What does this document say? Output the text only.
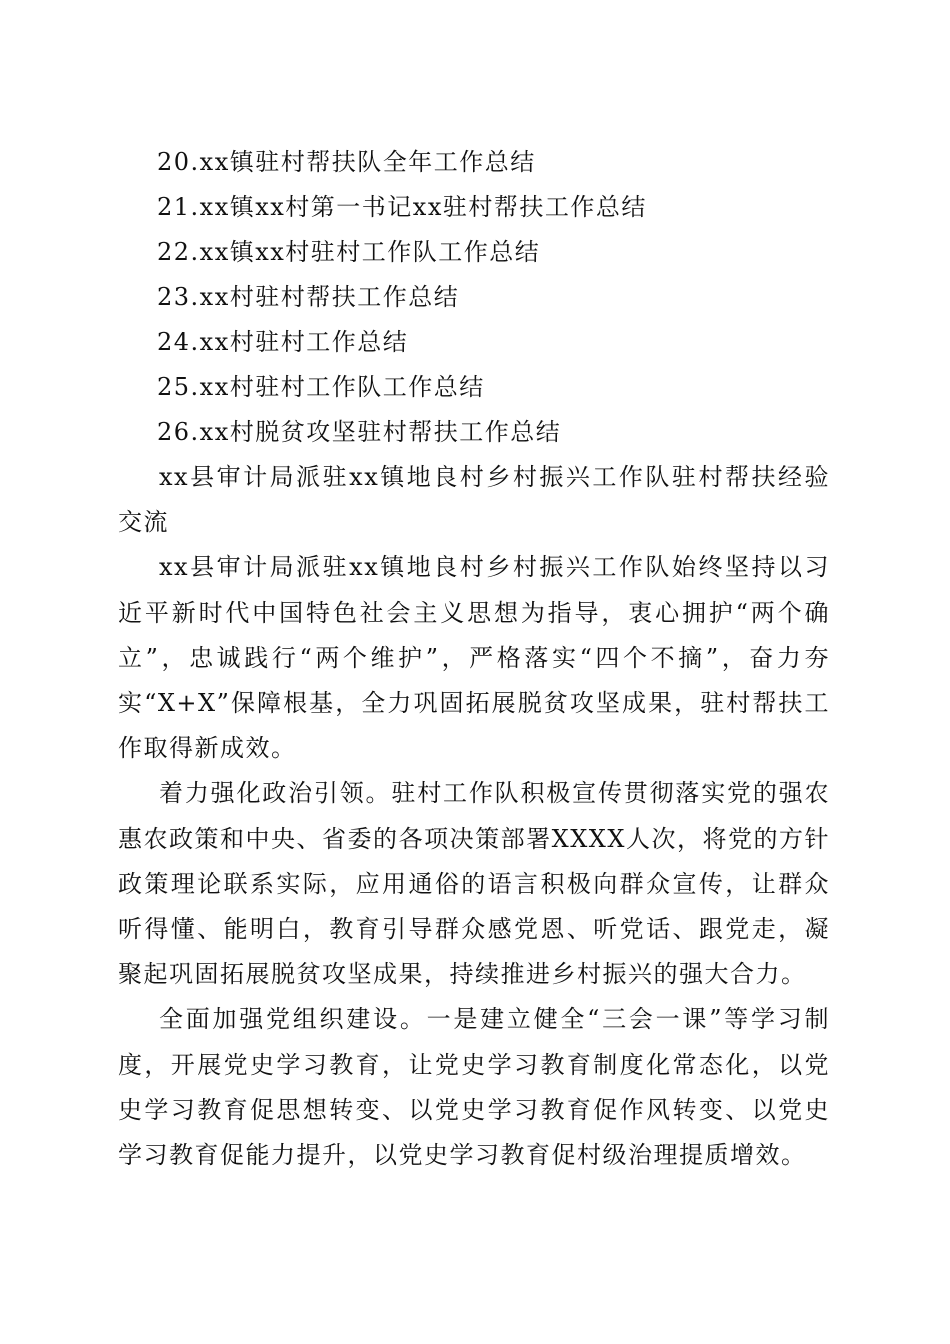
20.xx镇驻村帮扶队全年工作总结
21.xx镇xx村第一书记xx驻村帮扶工作总结
22.xx镇xx村驻村工作队工作总结
23.xx村驻村帮扶工作总结
24.xx村驻村工作总结
25.xx村驻村工作队工作总结
26.xx村脱贫攻坚驻村帮扶工作总结

xx县审计局派驻xx镇地良村乡村振兴工作队驻村帮扶经验交流

xx县审计局派驻xx镇地良村乡村振兴工作队始终坚持以习近平新时代中国特色社会主义思想为指导，衷心拥护“两个确立”，忠诚践行“两个维护”，严格落实“四个不摘”，奋力夯实“X+X”保障根基，全力巩固拓展脱贫攻坚成果，驻村帮扶工作取得新成效。

着力强化政治引领。驻村工作队积极宣传贯彻落实党的强农惠农政策和中央、省委的各项决策部署XXXX人次，将党的方针政策理论联系实际，应用通俗的语言积极向群众宣传，让群众听得懂、能明白，教育引导群众感党恩、听党话、跟党走，凝聚起巩固拓展脱贫攻坚成果，持续推进乡村振兴的强大合力。

全面加强党组织建设。一是建立健全“三会一课”等学习制度，开展党史学习教育，让党史学习教育制度化常态化，以党史学习教育促思想转变、以党史学习教育促作风转变、以党史学习教育促能力提升，以党史学习教育促村级治理提质增效。
